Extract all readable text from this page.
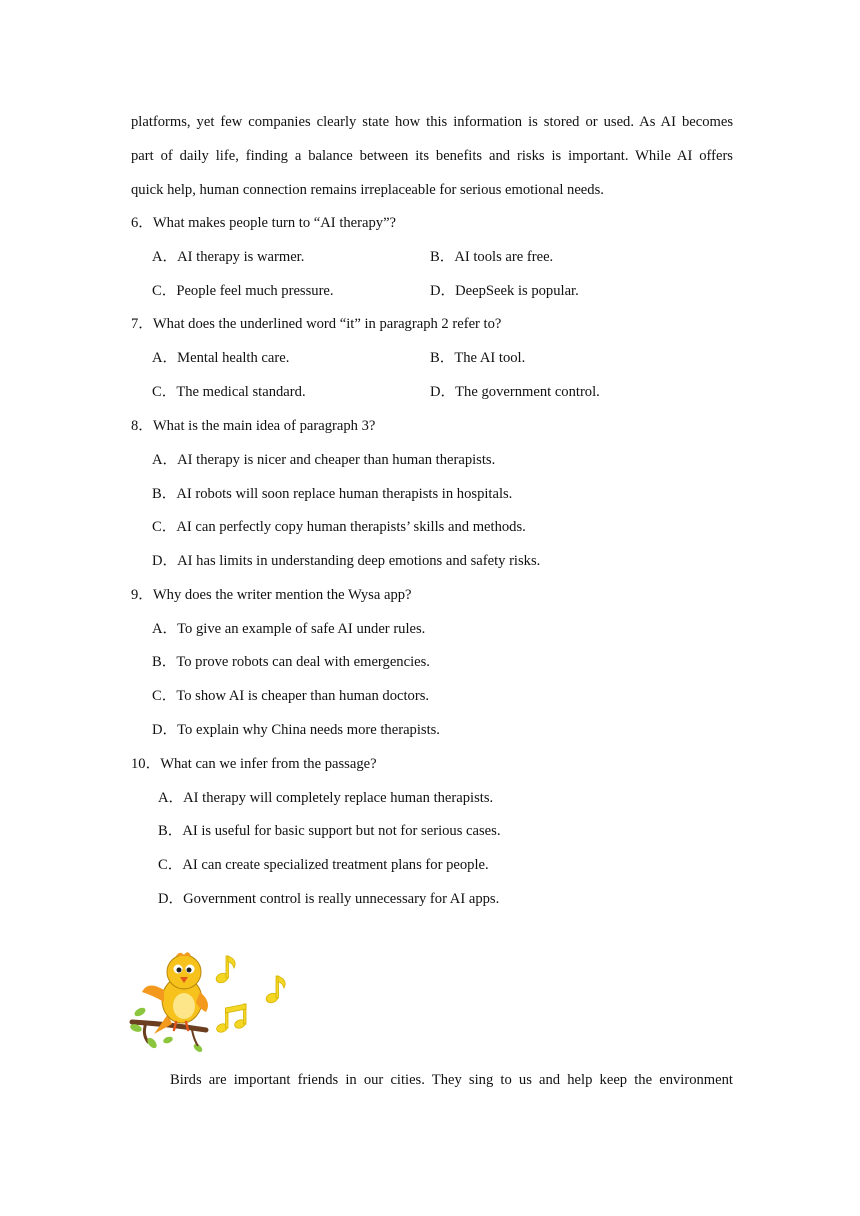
platforms, yet few companies clearly state how this information is stored or used. As AI becomes
part of daily life, finding a balance between its benefits and risks is important. While AI offers
quick help, human connection remains irreplaceable for serious emotional needs.
6．What makes people turn to “AI therapy”?
A．AI therapy is warmer.	B．AI tools are free.
C．People feel much pressure.	D．DeepSeek is popular.
7．What does the underlined word “it” in paragraph 2 refer to?
A．Mental health care.	B．The AI tool.
C．The medical standard.	D．The government control.
8．What is the main idea of paragraph 3?
A．AI therapy is nicer and cheaper than human therapists.
B．AI robots will soon replace human therapists in hospitals.
C．AI can perfectly copy human therapists’ skills and methods.
D．AI has limits in understanding deep emotions and safety risks.
9．Why does the writer mention the Wysa app?
A．To give an example of safe AI under rules.
B．To prove robots can deal with emergencies.
C．To show AI is cheaper than human doctors.
D．To explain why China needs more therapists.
10．What can we infer from the passage?
A．AI therapy will completely replace human therapists.
B．AI is useful for basic support but not for serious cases.
C．AI can create specialized treatment plans for people.
D．Government control is really unnecessary for AI apps.
Birds are important friends in our cities. They sing to us and help keep the environment
